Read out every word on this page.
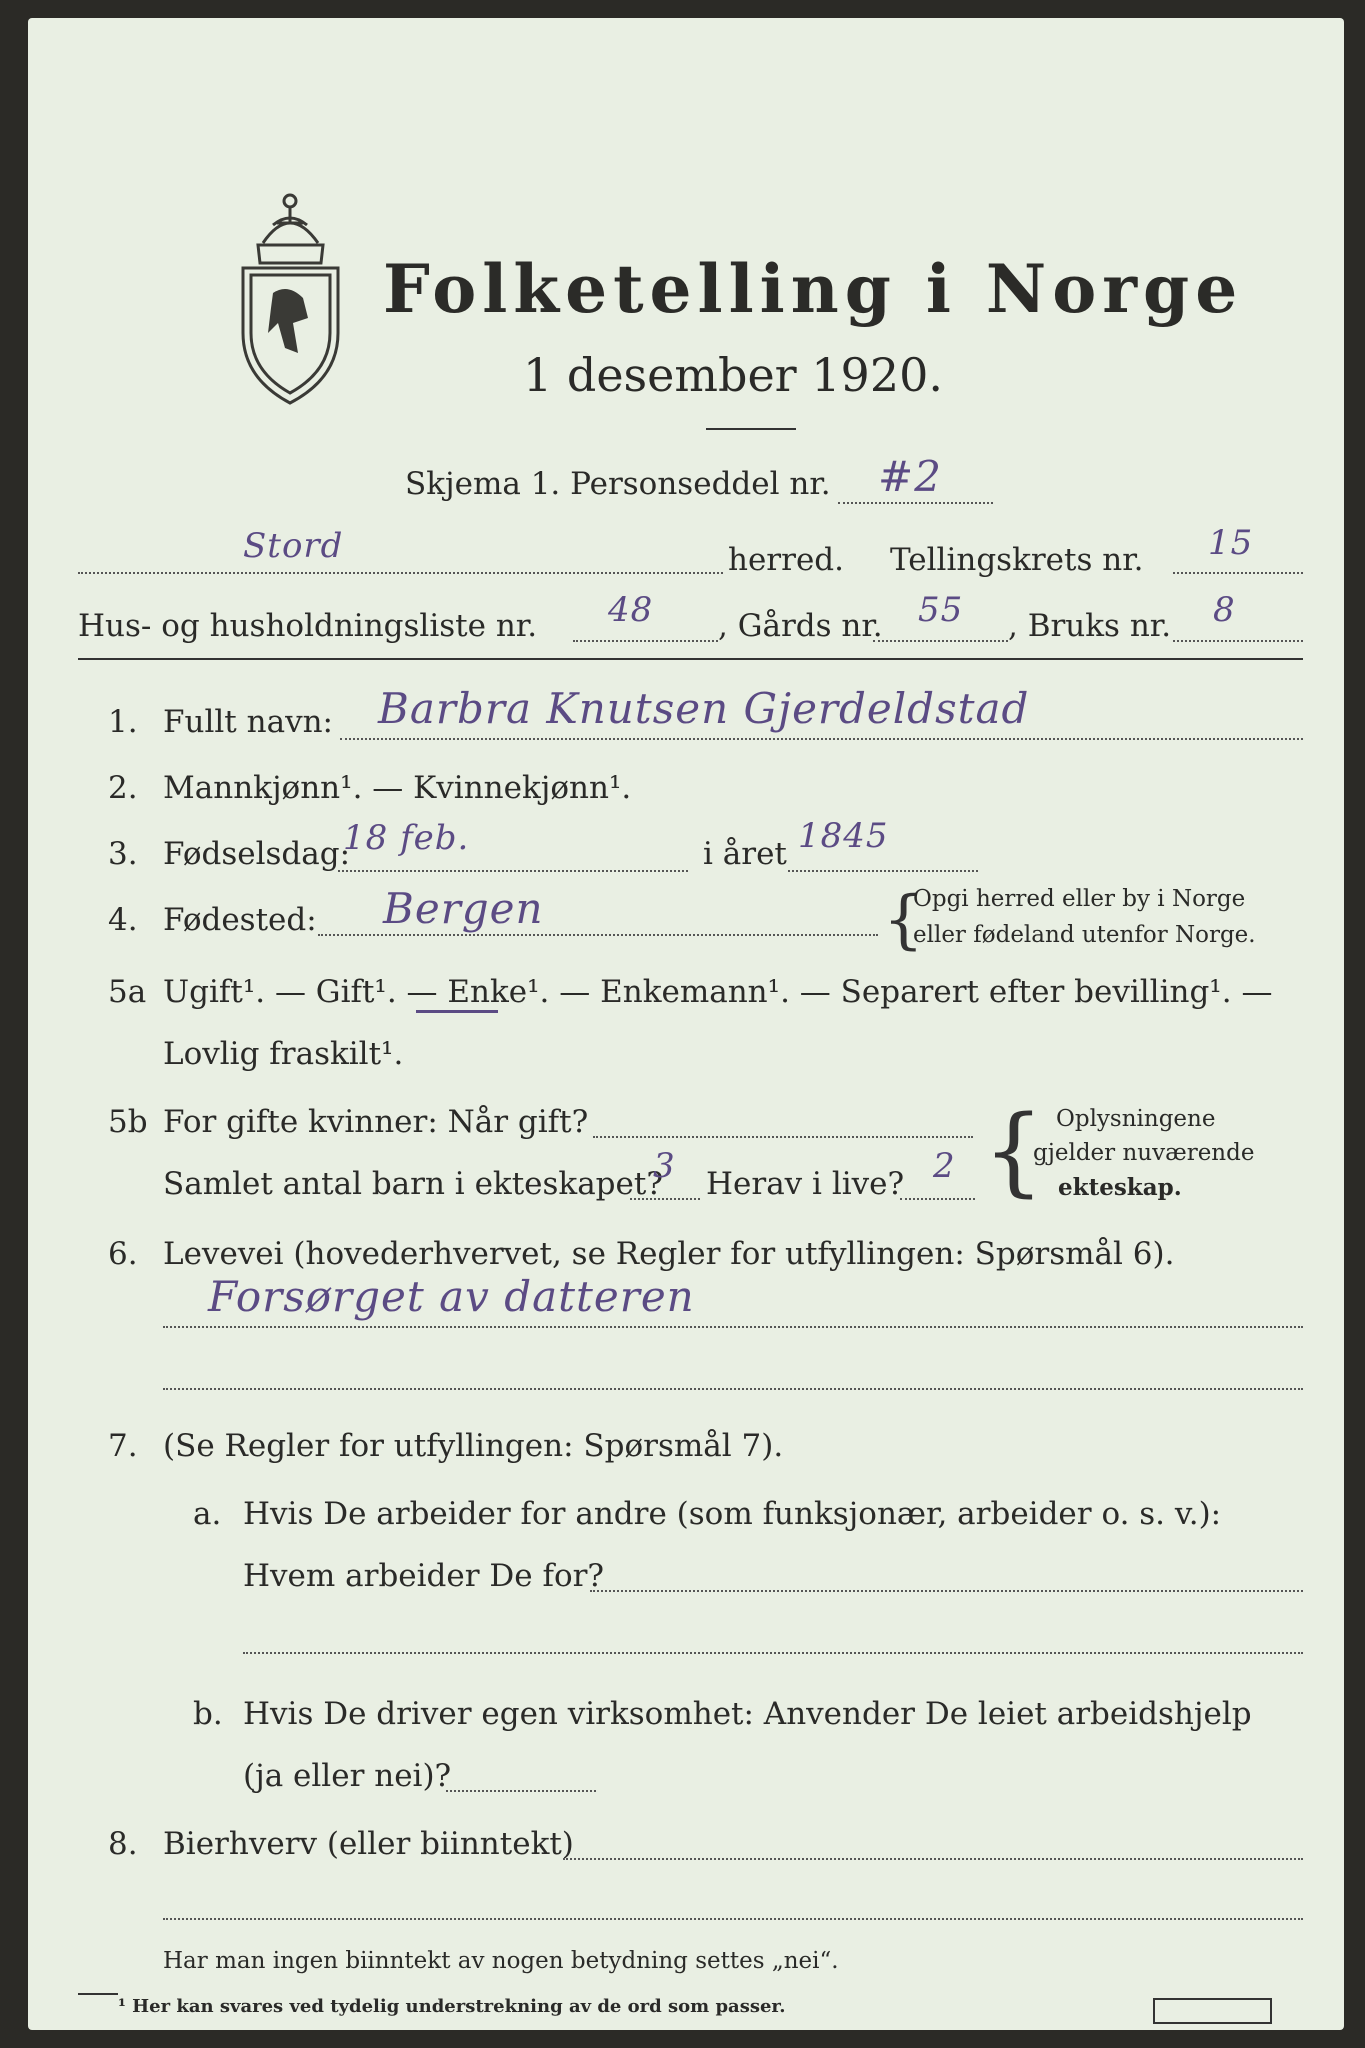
Folketelling i Norge
1 desember 1920.
Skjema 1. Personseddel nr. #2
Stord	herred. Tellingskrets nr. 15
Hus- og husholdningsliste nr. 48 , Gårds nr. 55 , Bruks nr. 8
1. Fullt navn: Barbra Knutsen Gjerdeldstad
2. Mannkjønn¹. — Kvinnekjønn¹.
3. Fødselsdag:
18 feb.	i året 1845
4. Fødested: Bergen	{
Opgi herred eller by i Norge
eller fødeland utenfor Norge.
5a Ugift¹. — Gift¹. — Enke¹. — Enkemann¹. — Separert efter bevilling¹. —
Lovlig fraskilt¹.
5b For gifte kvinner: Når gift?
Samlet antal barn i ekteskapet?
3 Herav i live? 2 { Oplysningene
gjelder nuværende
ekteskap.
6. Levevei (hovederhvervet, se Regler for utfyllingen: Spørsmål 6).
Forsørget av datteren
7. (Se Regler for utfyllingen: Spørsmål 7).
a. Hvis De arbeider for andre (som funksjonær, arbeider o. s. v.):
Hvem arbeider De for?
b. Hvis De driver egen virksomhet: Anvender De leiet arbeidshjelp
(ja eller nei)?
8. Bierhverv (eller biinntekt)
Har man ingen biinntekt av nogen betydning settes „nei“.
¹ Her kan svares ved tydelig understrekning av de ord som passer.
